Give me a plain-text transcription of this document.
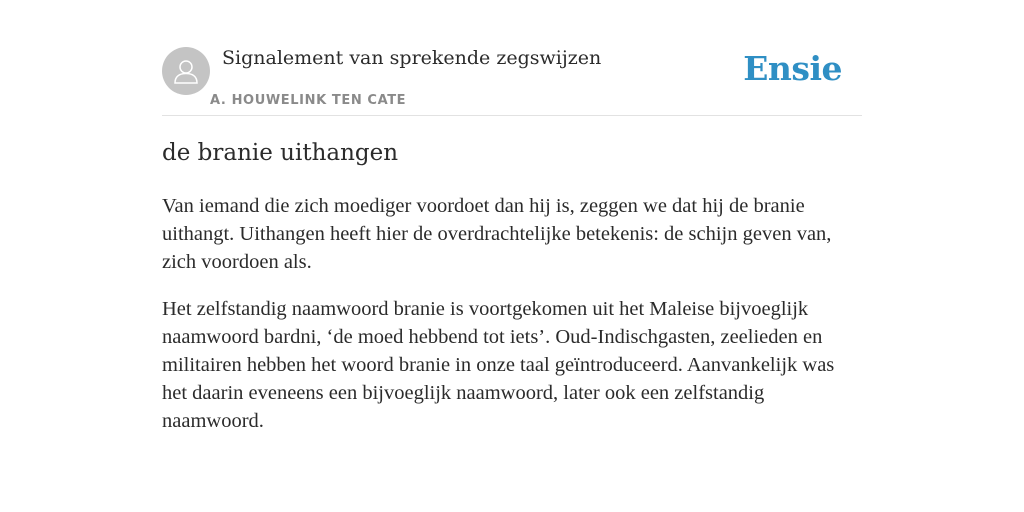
Signalement van sprekende zegswijzen
A. HOUWELINK TEN CATE
Ensie
de branie uithangen

Van iemand die zich moediger voordoet dan hij is, zeggen we dat hij de branie uithangt. Uithangen heeft hier de overdrachtelijke betekenis: de schijn geven van, zich voordoen als.

Het zelfstandig naamwoord branie is voortgekomen uit het Maleise bijvoeglijk naamwoord bardni, ‘de moed hebbend tot iets’. Oud-Indischgasten, zeelieden en militairen hebben het woord branie in onze taal geïntroduceerd. Aanvankelijk was het daarin eveneens een bijvoeglijk naamwoord, later ook een zelfstandig naamwoord.
